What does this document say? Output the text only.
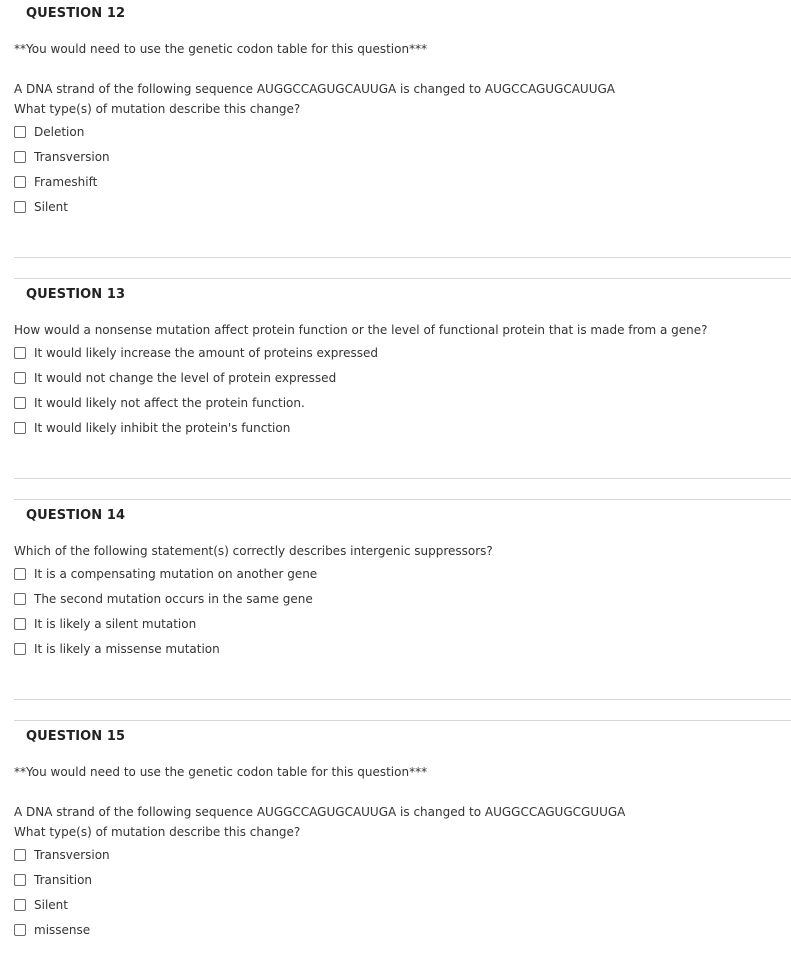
QUESTION 12
**You would need to use the genetic codon table for this question***
A DNA strand of the following sequence AUGGCCAGUGCAUUGA is changed to AUGCCAGUGCAUUGA
What type(s) of mutation describe this change?
Deletion
Transversion
Frameshift
Silent
QUESTION 13
How would a nonsense mutation affect protein function or the level of functional protein that is made from a gene?
It would likely increase the amount of proteins expressed
It would not change the level of protein expressed
It would likely not affect the protein function.
It would likely inhibit the protein's function
QUESTION 14
Which of the following statement(s) correctly describes intergenic suppressors?
It is a compensating mutation on another gene
The second mutation occurs in the same gene
It is likely a silent mutation
It is likely a missense mutation
QUESTION 15
**You would need to use the genetic codon table for this question***
A DNA strand of the following sequence AUGGCCAGUGCAUUGA is changed to AUGGCCAGUGCGUUGA
What type(s) of mutation describe this change?
Transversion
Transition
Silent
missense
